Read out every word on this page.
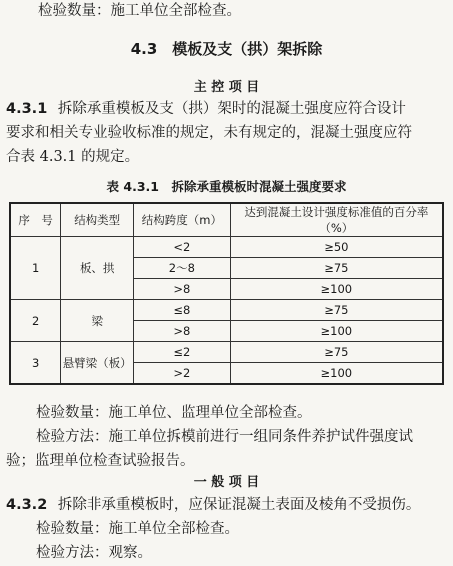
检验数量：施工单位全部检查。
4.3　模板及支（拱）架拆除
主 控 项 目
4.3.1 拆除承重模板及支（拱）架时的混凝土强度应符合设计
要求和相关专业验收标准的规定，未有规定的，混凝土强度应符
合表 4.3.1 的规定。
表 4.3.1　拆除承重模板时混凝土强度要求
序　号	结构类型	结构跨度（m）	达到混凝土设计强度标准值的百分率（%）
1	板、拱	<2	≥50
		2～8	≥75
		>8	≥100
2	梁	≤8	≥75
		>8	≥100
3	悬臂梁（板）	≤2	≥75
		>2	≥100
检验数量：施工单位、监理单位全部检查。
检验方法：施工单位拆模前进行一组同条件养护试件强度试
验；监理单位检查试验报告。
一 般 项 目
4.3.2 拆除非承重模板时，应保证混凝土表面及棱角不受损伤。
检验数量：施工单位全部检查。
检验方法：观察。
